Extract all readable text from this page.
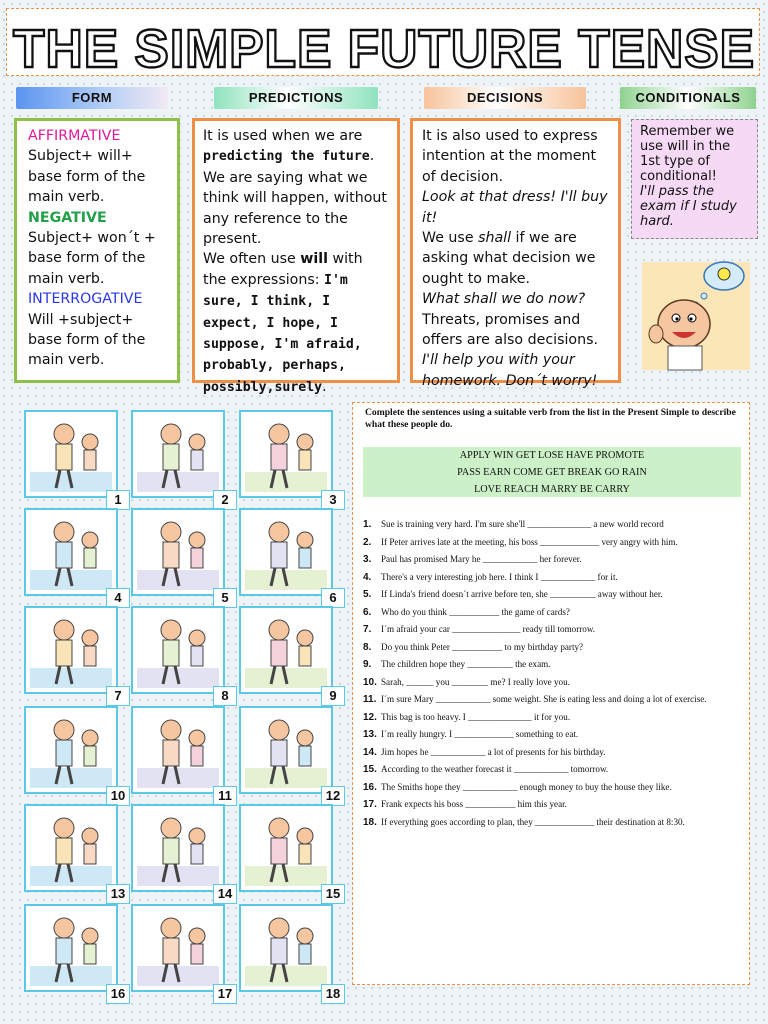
THE SIMPLE FUTURE TENSE
FORM	PREDICTIONS	DECISIONS	CONDITIONALS
AFFIRMATIVE
Subject+ will+ base form of the main verb.
NEGATIVE
Subject+ won´t + base form of the main verb.
INTERROGATIVE
Will +subject+ base form of the main verb.
It is used when we are predicting the future. We are saying what we think will happen, without any reference to the present.
We often use will with the expressions: I'm sure, I think, I expect, I hope, I suppose, I'm afraid, probably, perhaps, possibly,surely.
It is also used to express intention at the moment of decision.
Look at that dress! I'll buy it!
We use shall if we are asking what decision we ought to make.
What shall we do now?
Threats, promises and offers are also decisions.
I'll help you with your homework. Don´t worry!
Remember we use will in the 1st type of conditional!
I'll pass the exam if I study hard.
1	2	3
4	5	6
7	8	9
10	11	12
13	14	15
16	17	18
Complete the sentences using a suitable verb from the list in the Present Simple to describe what these people do.
APPLY WIN GET LOSE HAVE PROMOTE
PASS EARN COME GET BREAK GO RAIN
LOVE REACH MARRY BE CARRY
1. Sue is training very hard. I'm sure she'll ______________ a new world record
2. If Peter arrives late at the meeting, his boss _____________ very angry with him.
3. Paul has promised Mary he ____________ her forever.
4. There's a very interesting job here. I think I ____________ for it.
5. If Linda's friend doesn´t arrive before ten, she __________ away without her.
6. Who do you think ___________ the game of cards?
7. I´m afraid your car _______________ ready till tomorrow.
8. Do you think Peter ___________ to my birthday party?
9. The children hope they __________ the exam.
10. Sarah, ______ you ________ me? I really love you.
11. I´m sure Mary ____________ some weight. She is eating less and doing a lot of exercise.
12. This bag is too heavy. I ______________ it for you.
13. I´m really hungry. I _____________ something to eat.
14. Jim hopes he ____________ a lot of presents for his birthday.
15. According to the weather forecast it ____________ tomorrow.
16. The Smiths hope they ____________ enough money to buy the house they like.
17. Frank expects his boss ___________ him this year.
18. If everything goes according to plan, they _____________ their destination at 8:30.
